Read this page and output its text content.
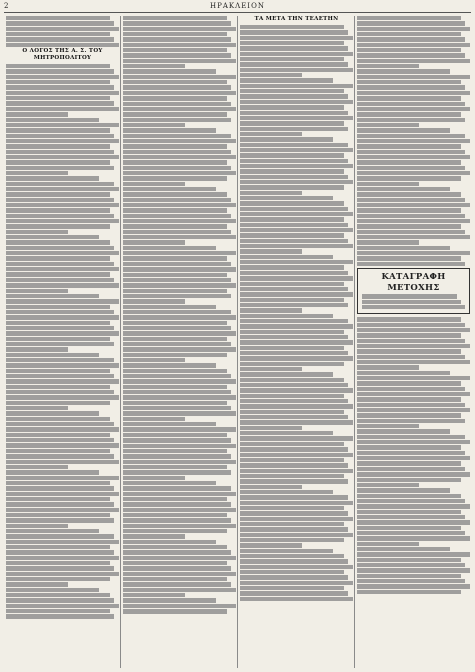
2	ΗΡΑΚΛΕΙΟΝ
Ο ΛΟΓΟΣ ΤΗΣ Α. Σ. ΤΟΥ ΜΗΤΡΟΠΟΛΙΤΟΥ
ΤΑ ΜΕΤΑ ΤΗΝ ΤΕΛΕΤΗΝ
ΚΑΤΑΓΡΑΦΗ ΜΕΤΟΧΗΣ
